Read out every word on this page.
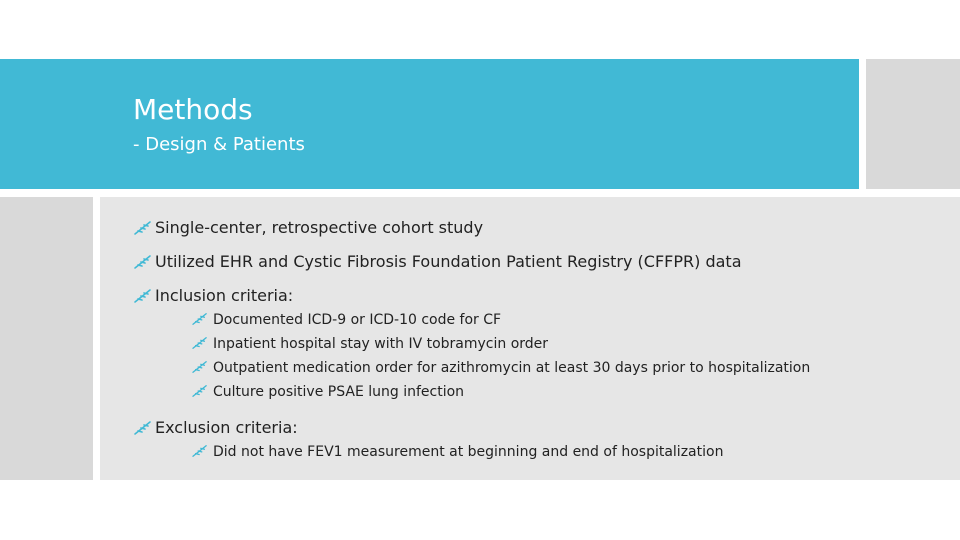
Methods

- Design & Patients

Single-center, retrospective cohort study
Utilized EHR and Cystic Fibrosis Foundation Patient Registry (CFFPR) data
Inclusion criteria:
Documented ICD-9 or ICD-10 code for CF
Inpatient hospital stay with IV tobramycin order
Outpatient medication order for azithromycin at least 30 days prior to hospitalization
Culture positive PSAE lung infection
Exclusion criteria:
Did not have FEV1 measurement at beginning and end of hospitalization
